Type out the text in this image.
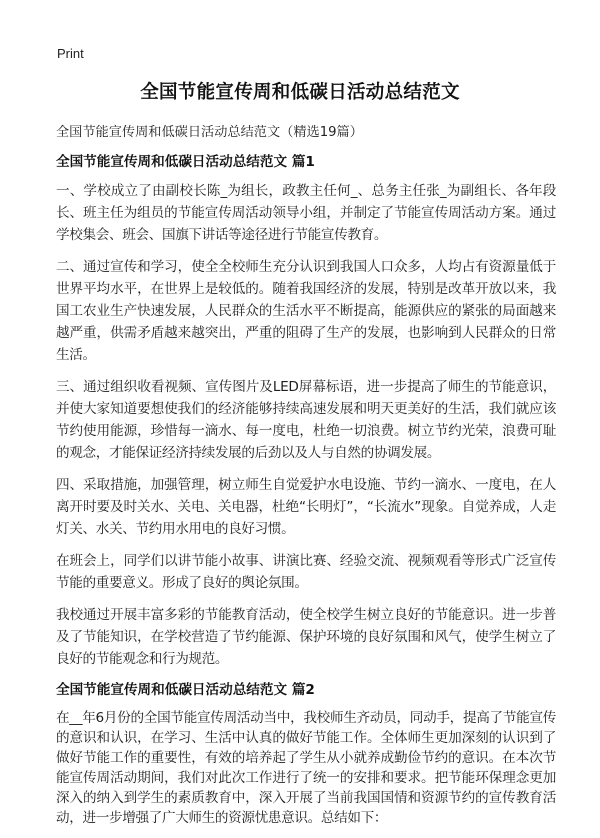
Print
全国节能宣传周和低碳日活动总结范文

全国节能宣传周和低碳日活动总结范文（精选19篇）

全国节能宣传周和低碳日活动总结范文 篇1

一、学校成立了由副校长陈_为组长，政教主任何_、总务主任张_为副组长、各年段长、班主任为组员的节能宣传周活动领导小组，并制定了节能宣传周活动方案。通过学校集会、班会、国旗下讲话等途径进行节能宣传教育。

二、通过宣传和学习，使全全校师生充分认识到我国人口众多，人均占有资源量低于世界平均水平，在世界上是较低的。随着我国经济的发展，特别是改革开放以来，我国工农业生产快速发展，人民群众的生活水平不断提高，能源供应的紧张的局面越来越严重，供需矛盾越来越突出，严重的阻碍了生产的发展，也影响到人民群众的日常生活。

三、通过组织收看视频、宣传图片及LED屏幕标语，进一步提高了师生的节能意识，并使大家知道要想使我们的经济能够持续高速发展和明天更美好的生活，我们就应该节约使用能源，珍惜每一滴水、每一度电，杜绝一切浪费。树立节约光荣，浪费可耻的观念，才能保证经济持续发展的后劲以及人与自然的协调发展。

四、采取措施，加强管理，树立师生自觉爱护水电设施、节约一滴水、一度电，在人离开时要及时关水、关电、关电器，杜绝“长明灯”，“长流水”现象。自觉养成，人走灯关、水关、节约用水用电的良好习惯。

在班会上，同学们以讲节能小故事、讲演比赛、经验交流、视频观看等形式广泛宣传节能的重要意义。形成了良好的舆论氛围。

我校通过开展丰富多彩的节能教育活动，使全校学生树立良好的节能意识。进一步普及了节能知识，在学校营造了节约能源、保护环境的良好氛围和风气，使学生树立了良好的节能观念和行为规范。

全国节能宣传周和低碳日活动总结范文 篇2

在__年6月份的全国节能宣传周活动当中，我校师生齐动员，同动手，提高了节能宣传的意识和认识，在学习、生活中认真的做好节能工作。全体师生更加深刻的认识到了做好节能工作的重要性，有效的培养起了学生从小就养成勤俭节约的意识。在本次节能宣传周活动期间，我们对此次工作进行了统一的安排和要求。把节能环保理念更加深入的纳入到学生的素质教育中，深入开展了当前我国国情和资源节约的宣传教育活动，进一步增强了广大师生的资源忧患意识。总结如下：
